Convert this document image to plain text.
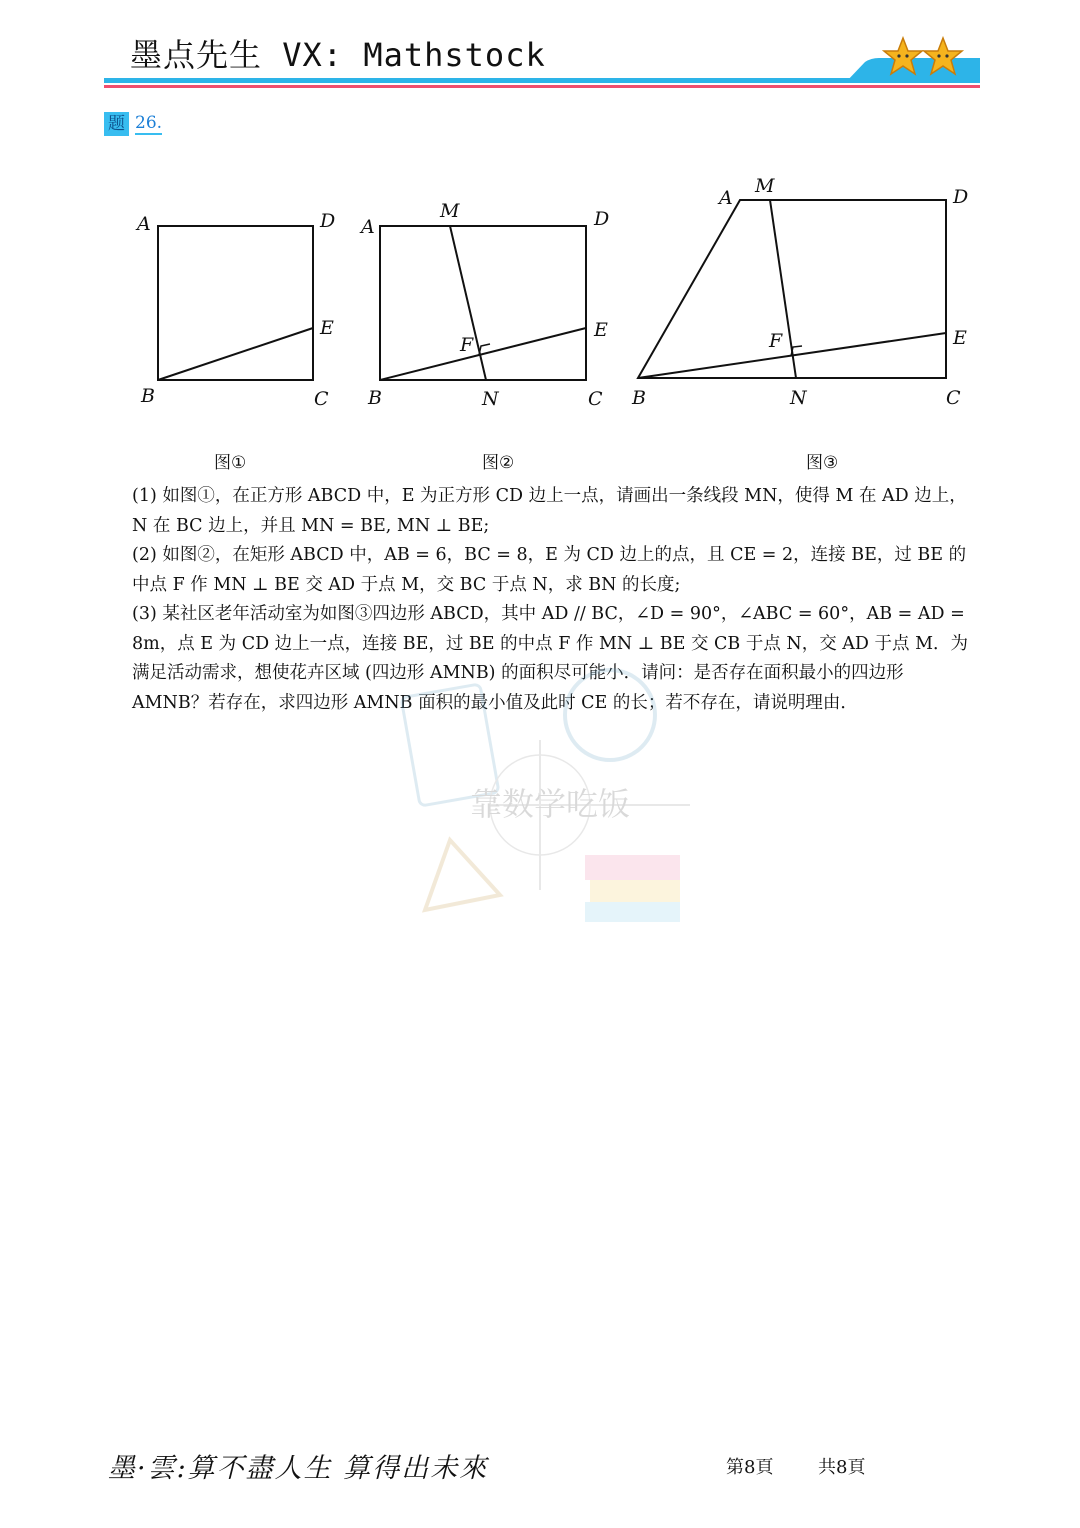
墨点先生 VX: Mathstock
题 26.
A	D
E
B	C
A
M	D
E
F
B	N	C
A
M	D
E
F
B	N	C
图①	图②	图③

(1) 如图①，在正方形 ABCD 中，E 为正方形 CD 边上一点，请画出一条线段 MN，使得 M 在 AD 边上，N 在 BC 边上，并且 MN = BE, MN ⊥ BE;

(2) 如图②，在矩形 ABCD 中，AB = 6，BC = 8，E 为 CD 边上的点，且 CE = 2，连接 BE，过 BE 的中点 F 作 MN ⊥ BE 交 AD 于点 M，交 BC 于点 N，求 BN 的长度;

(3) 某社区老年活动室为如图③四边形 ABCD，其中 AD // BC，∠D = 90°，∠ABC = 60°，AB = AD = 8m，点 E 为 CD 边上一点，连接 BE，过 BE 的中点 F 作 MN ⊥ BE 交 CB 于点 N，交 AD 于点 M．为满足活动需求，想使花卉区域 (四边形 AMNB) 的面积尽可能小．请问：是否存在面积最小的四边形 AMNB？若存在，求四边形 AMNB 面积的最小值及此时 CE 的长；若不存在，请说明理由．

靠数学吃饭
墨·雲:算不盡人生 算得出未來	第8頁 共8頁
